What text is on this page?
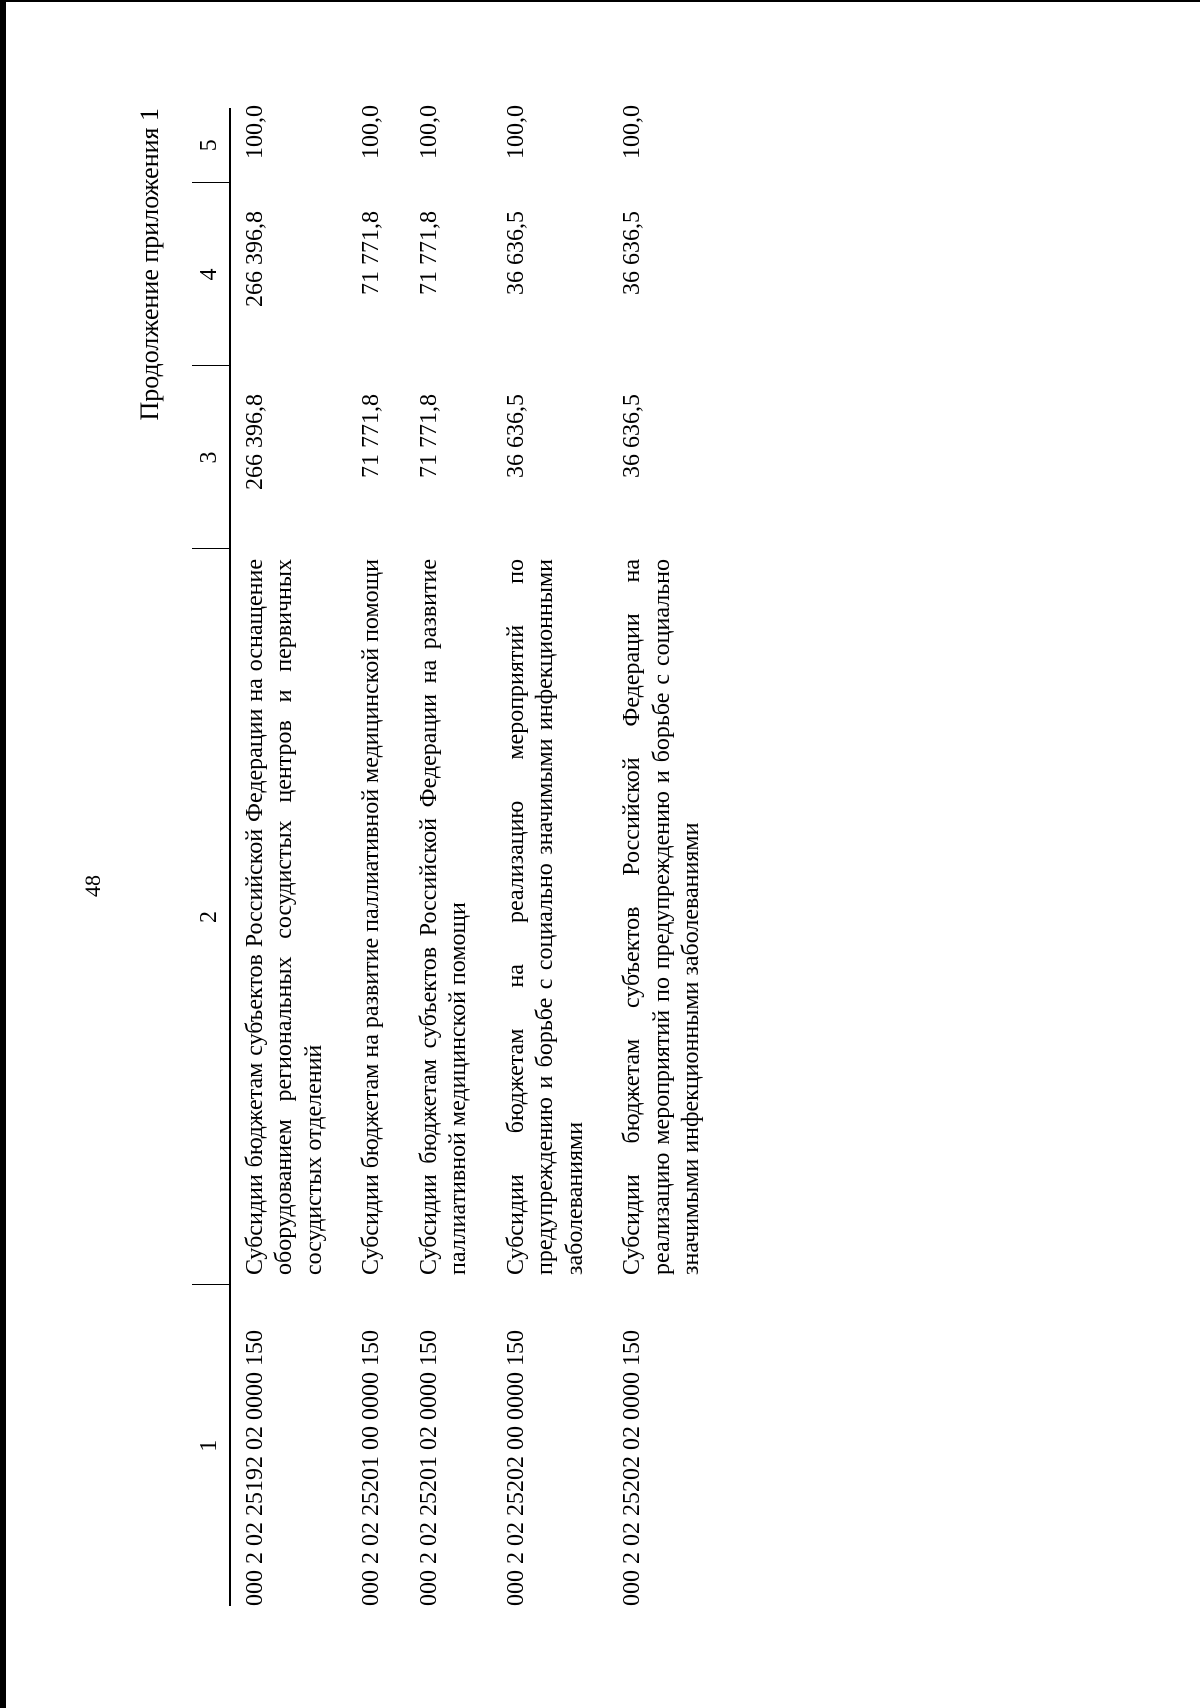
48
Продолжение приложения 1
1	2	3	4	5
000 2 02 25192 02 0000 150	Субсидии бюджетам субъектов Российской Федерации на оснащение оборудованием региональных сосудистых центров и первичных сосудистых отделений	266 396,8	266 396,8	100,0
000 2 02 25201 00 0000 150	Субсидии бюджетам на развитие паллиативной медицинской помощи	71 771,8	71 771,8	100,0
000 2 02 25201 02 0000 150	Субсидии бюджетам субъектов Российской Федерации на развитие паллиативной медицинской помощи	71 771,8	71 771,8	100,0
000 2 02 25202 00 0000 150	Субсидии бюджетам на реализацию мероприятий по предупреждению и борьбе с социально значимыми инфекционными заболеваниями	36 636,5	36 636,5	100,0
000 2 02 25202 02 0000 150	Субсидии бюджетам субъектов Российской Федерации на реализацию мероприятий по предупреждению и борьбе с социально значимыми инфекционными заболеваниями	36 636,5	36 636,5	100,0
